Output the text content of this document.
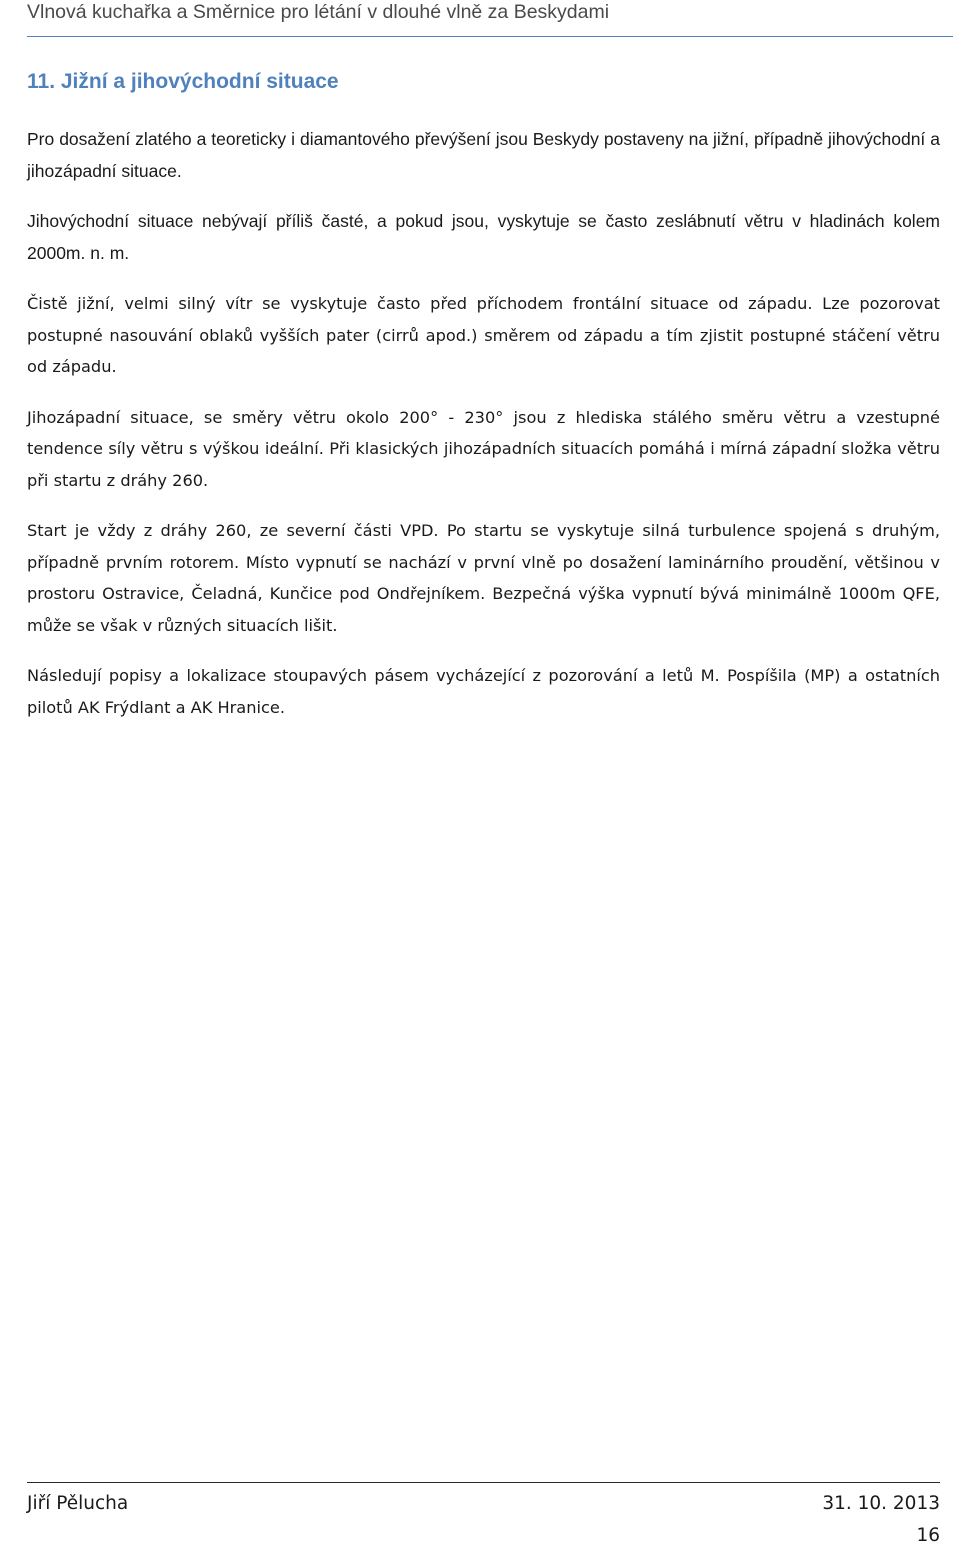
Vlnová kuchařka a Směrnice pro létání v dlouhé vlně za Beskydami
11. Jižní a jihovýchodní situace

Pro dosažení zlatého a teoreticky i diamantového převýšení jsou Beskydy postaveny na jižní, případně jihovýchodní a jihozápadní situace.

Jihovýchodní situace nebývají příliš časté, a pokud jsou, vyskytuje se často zeslábnutí větru v hladinách kolem 2000m. n. m.

Čistě jižní, velmi silný vítr se vyskytuje často před příchodem frontální situace od západu. Lze pozorovat postupné nasouvání oblaků vyšších pater (cirrů apod.) směrem od západu a tím zjistit postupné stáčení větru od západu.

Jihozápadní situace, se směry větru okolo 200° - 230° jsou z hlediska stálého směru větru a vzestupné tendence síly větru s výškou ideální. Při klasických jihozápadních situacích pomáhá i mírná západní složka větru při startu z dráhy 260.

Start je vždy z dráhy 260, ze severní části VPD. Po startu se vyskytuje silná turbulence spojená s druhým, případně prvním rotorem. Místo vypnutí se nachází v první vlně po dosažení laminárního proudění, většinou v prostoru Ostravice, Čeladná, Kunčice pod Ondřejníkem. Bezpečná výška vypnutí bývá minimálně 1000m QFE, může se však v různých situacích lišit.

Následují popisy a lokalizace stoupavých pásem vycházející z pozorování a letů M. Pospíšila (MP) a ostatních pilotů AK Frýdlant a AK Hranice.

Jiří Pělucha	31. 10. 2013
16
